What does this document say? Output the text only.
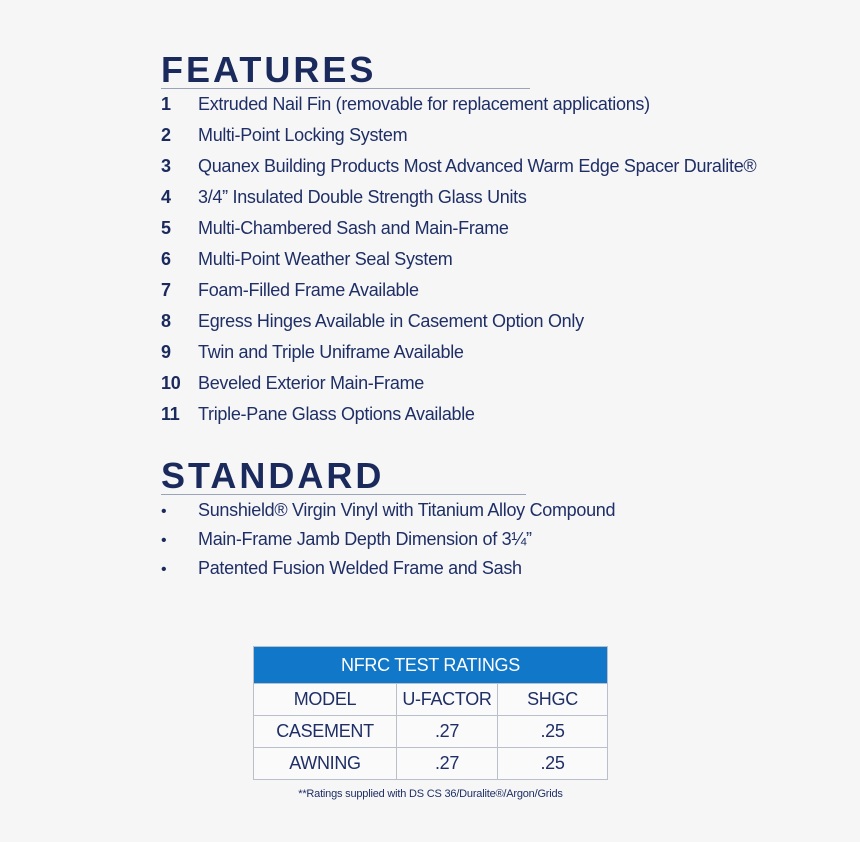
FEATURES
1	Extruded Nail Fin (removable for replacement applications)
2	Multi-Point Locking System
3	Quanex Building Products Most Advanced Warm Edge Spacer Duralite®
4	3/4” Insulated Double Strength Glass Units
5	Multi-Chambered Sash and Main-Frame
6	Multi-Point Weather Seal System
7	Foam-Filled Frame Available
8	Egress Hinges Available in Casement Option Only
9	Twin and Triple Uniframe Available
10 Beveled Exterior Main-Frame
11	Triple-Pane Glass Options Available
STANDARD
•	Sunshield® Virgin Vinyl with Titanium Alloy Compound
•	Main-Frame Jamb Depth Dimension of 3¼”
•	Patented Fusion Welded Frame and Sash
NFRC TEST RATINGS		
MODEL	U-FACTOR	SHGC
CASEMENT	.27	.25
AWNING	.27	.25
**Ratings supplied with DS CS 36/Duralite®/Argon/Grids
